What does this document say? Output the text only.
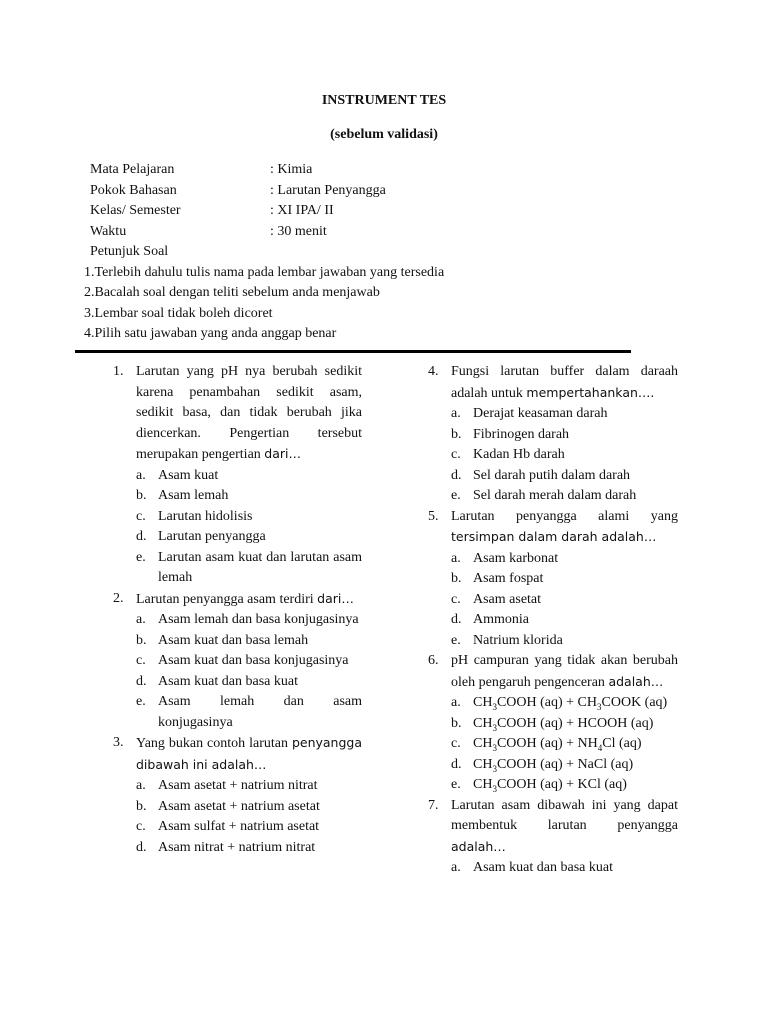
INSTRUMENT TES
(sebelum validasi)
Mata Pelajaran	: Kimia
Pokok Bahasan	: Larutan Penyangga
Kelas/ Semester	: XI IPA/ II
Waktu	: 30 menit
Petunjuk Soal
1.Terlebih dahulu tulis nama pada lembar jawaban yang tersedia
2.Bacalah soal dengan teliti sebelum anda menjawab
3.Lembar soal tidak boleh dicoret
4.Pilih satu jawaban yang anda anggap benar
1. Larutan yang pH nya berubah sedikit karena penambahan sedikit asam, sedikit basa, dan tidak berubah jika diencerkan. Pengertian tersebut merupakan pengertian dari…
a. Asam kuat
b. Asam lemah
c. Larutan hidolisis
d. Larutan penyangga
e. Larutan asam kuat dan larutan asam lemah
2. Larutan penyangga asam terdiri dari…
a. Asam lemah dan basa konjugasinya
b. Asam kuat dan basa lemah
c. Asam kuat dan basa konjugasinya
d. Asam kuat dan basa kuat
e. Asam lemah dan asam konjugasinya
3. Yang bukan contoh larutan penyangga dibawah ini adalah…
a. Asam asetat + natrium nitrat
b. Asam asetat + natrium asetat
c. Asam sulfat + natrium asetat
d. Asam nitrat + natrium nitrat
4. Fungsi larutan buffer dalam daraah adalah untuk mempertahankan….
a. Derajat keasaman darah
b. Fibrinogen darah
c. Kadan Hb darah
d. Sel darah putih dalam darah
e. Sel darah merah dalam darah
5. Larutan penyangga alami yang tersimpan dalam darah adalah…
a. Asam karbonat
b. Asam fospat
c. Asam asetat
d. Ammonia
e. Natrium klorida
6. pH campuran yang tidak akan berubah oleh pengaruh pengenceran adalah…
a. $CH_3COOH$ $(aq) + CH_3COOK$ (aq)
b. $CH_3COOH$ (aq) + HCOOH (aq)
c. $CH_3COOH$ $(aq) + NH_4Cl$ (aq)
d. $CH_3COOH$ (aq) + NaCl (aq)
e. $CH_3COOH$ (aq) + KCl (aq)
7. Larutan asam dibawah ini yang dapat membentuk larutan penyangga adalah…
a. Asam kuat dan basa kuat
